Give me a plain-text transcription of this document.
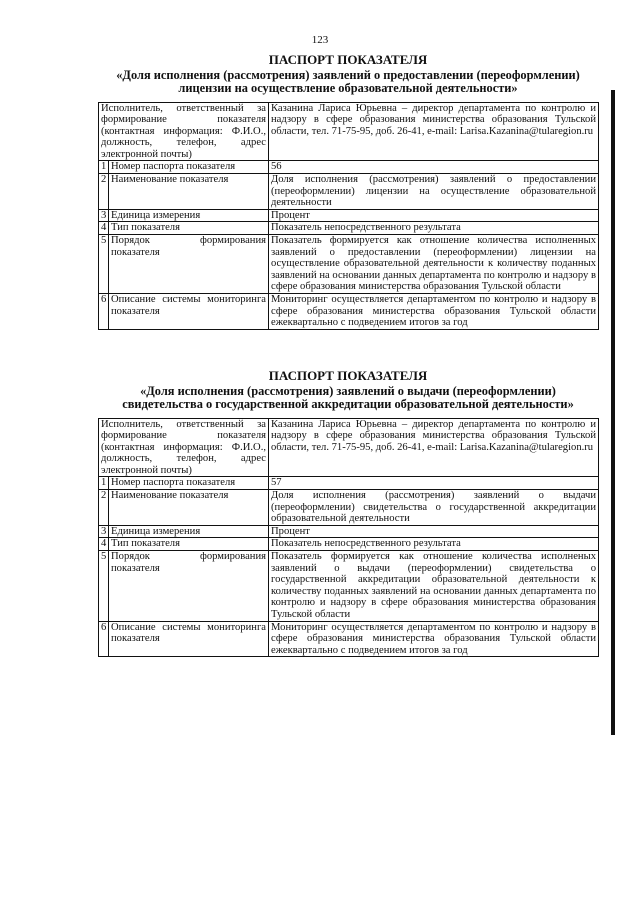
123
ПАСПОРТ ПОКАЗАТЕЛЯ
«Доля исполнения (рассмотрения) заявлений о предоставлении (переоформлении) лицензии на осуществление образовательной деятельности»
Исполнитель, ответственный за формирование показателя (контактная информация: Ф.И.О., должность, телефон, адрес электронной почты)		Казанина Лариса Юрьевна – директор департамента по контролю и надзору в сфере образования министерства образования Тульской области, тел. 71-75-95, доб. 26-41, e-mail: Larisa.Kazanina@tularegion.ru
1	Номер паспорта показателя	56
2	Наименование показателя	Доля исполнения (рассмотрения) заявлений о предоставлении (переоформлении) лицензии на осуществление образовательной деятельности
3	Единица измерения	Процент
4	Тип показателя	Показатель непосредственного результата
5	Порядок формирования показателя	Показатель формируется как отношение количества исполненных заявлений о предоставлении (переоформлении) лицензии на осуществление образовательной деятельности к количеству поданных заявлений на основании данных департамента по контролю и надзору в сфере образования министерства образования Тульской области
6	Описание системы мониторинга показателя	Мониторинг осуществляется департаментом по контролю и надзору в сфере образования министерства образования Тульской области ежеквартально с подведением итогов за год
ПАСПОРТ ПОКАЗАТЕЛЯ
«Доля исполнения (рассмотрения) заявлений о выдачи (переоформлении) свидетельства о государственной аккредитации образовательной деятельности»
Исполнитель, ответственный за формирование показателя (контактная информация: Ф.И.О., должность, телефон, адрес электронной почты)		Казанина Лариса Юрьевна – директор департамента по контролю и надзору в сфере образования министерства образования Тульской области, тел. 71-75-95, доб. 26-41, e-mail: Larisa.Kazanina@tularegion.ru
1	Номер паспорта показателя	57
2	Наименование показателя	Доля исполнения (рассмотрения) заявлений о выдачи (переоформлении) свидетельства о государственной аккредитации образовательной деятельности
3	Единица измерения	Процент
4	Тип показателя	Показатель непосредственного результата
5	Порядок формирования показателя	Показатель формируется как отношение количества исполненых заявлений о выдачи (переоформлении) свидетельства о государственной аккредитации образовательной деятельности к количеству поданных заявлений на основании данных департамента по контролю и надзору в сфере образования министерства образования Тульской области
6	Описание системы мониторинга показателя	Мониторинг осуществляется департаментом по контролю и надзору в сфере образования министерства образования Тульской области ежеквартально с подведением итогов за год
